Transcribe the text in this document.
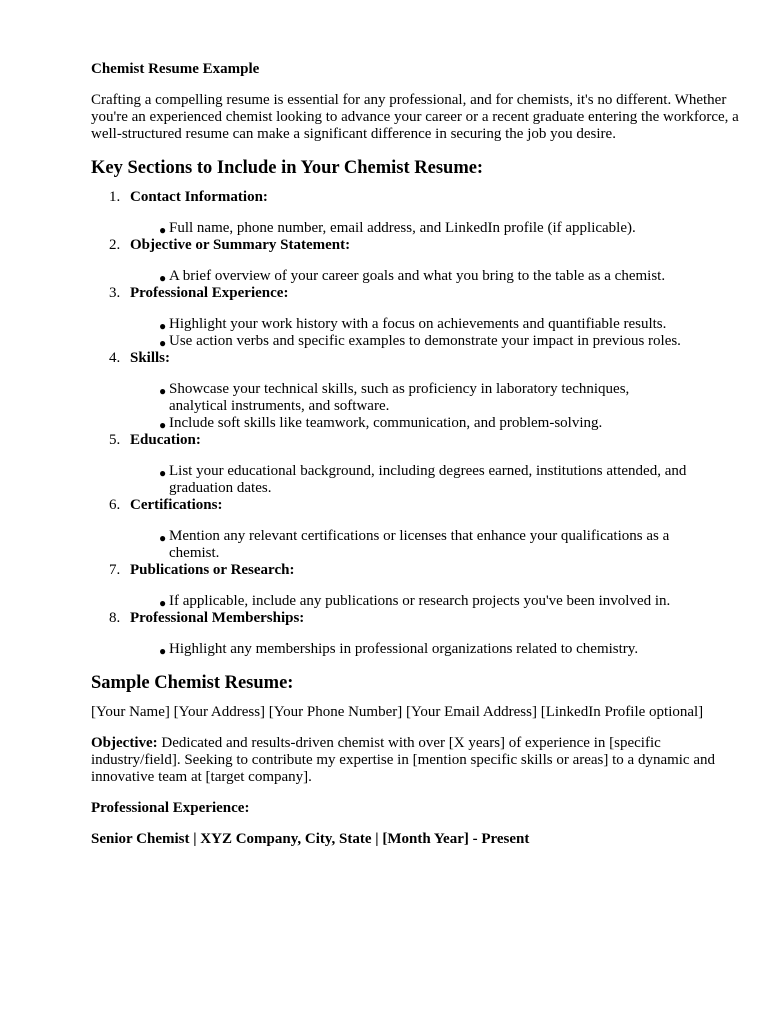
Chemist Resume Example

Crafting a compelling resume is essential for any professional, and for chemists, it's no different. Whether you're an experienced chemist looking to advance your career or a recent graduate entering the workforce, a well-structured resume can make a significant difference in securing the job you desire.

Key Sections to Include in Your Chemist Resume:
1. Contact Information:
● Full name, phone number, email address, and LinkedIn profile (if applicable).
2. Objective or Summary Statement:
● A brief overview of your career goals and what you bring to the table as a chemist.
3. Professional Experience:
● Highlight your work history with a focus on achievements and quantifiable results.
● Use action verbs and specific examples to demonstrate your impact in previous roles.
4. Skills:
● Showcase your technical skills, such as proficiency in laboratory techniques, analytical instruments, and software.
● Include soft skills like teamwork, communication, and problem-solving.
5. Education:
● List your educational background, including degrees earned, institutions attended, and graduation dates.
6. Certifications:
● Mention any relevant certifications or licenses that enhance your qualifications as a chemist.
7. Publications or Research:
● If applicable, include any publications or research projects you've been involved in.
8. Professional Memberships:
● Highlight any memberships in professional organizations related to chemistry.
Sample Chemist Resume:

[Your Name] [Your Address] [Your Phone Number] [Your Email Address] [LinkedIn Profile optional]

Objective: Dedicated and results-driven chemist with over [X years] of experience in [specific industry/field]. Seeking to contribute my expertise in [mention specific skills or areas] to a dynamic and innovative team at [target company].

Professional Experience:

Senior Chemist | XYZ Company, City, State | [Month Year] - Present
